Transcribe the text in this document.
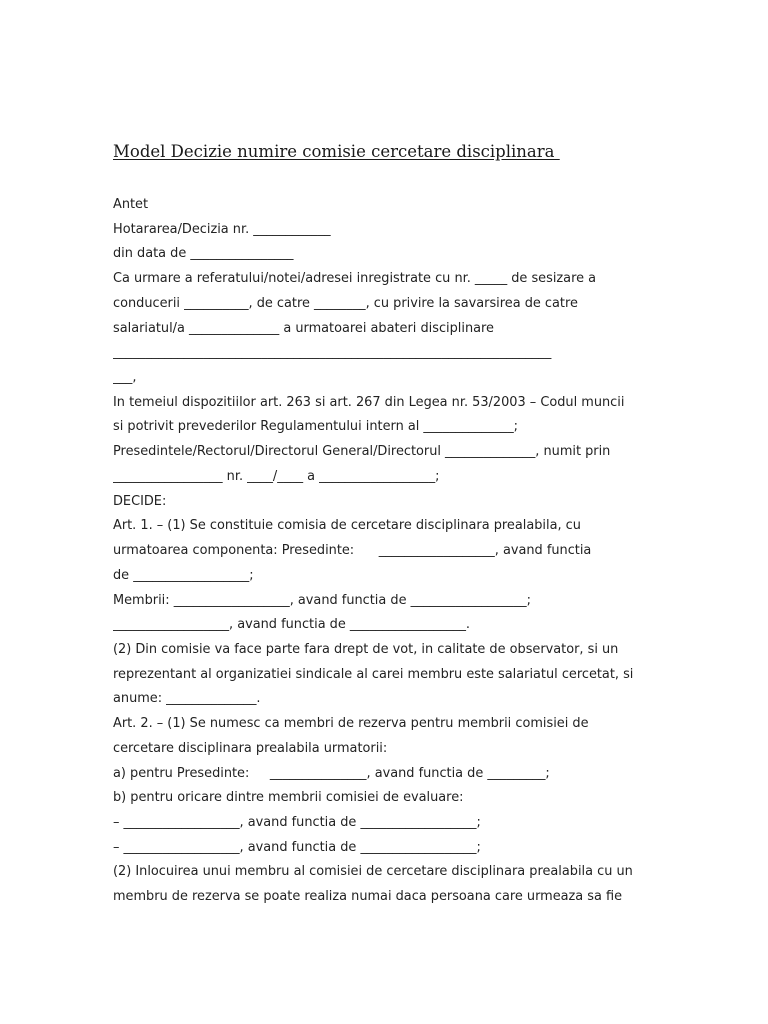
Model Decizie numire comisie cercetare disciplinara
Antet
Hotararea/Decizia nr. ____________
din data de ________________
Ca urmare a referatului/notei/adresei inregistrate cu nr. _____ de sesizare a
conducerii __________, de catre ________, cu privire la savarsirea de catre
salariatul/a ______________ a urmatoarei abateri disciplinare
____________________________________________________________________
___,
In temeiul dispozitiilor art. 263 si art. 267 din Legea nr. 53/2003 – Codul muncii
si potrivit prevederilor Regulamentului intern al ______________;
Presedintele/Rectorul/Directorul General/Directorul ______________, numit prin
_________________ nr. ____/____ a __________________;
DECIDE:
Art. 1. – (1) Se constituie comisia de cercetare disciplinara prealabila, cu
urmatoarea componenta: Presedinte:      __________________, avand functia
de __________________;
Membrii: __________________, avand functia de __________________;
__________________, avand functia de __________________.
(2) Din comisie va face parte fara drept de vot, in calitate de observator, si un
reprezentant al organizatiei sindicale al carei membru este salariatul cercetat, si
anume: ______________.
Art. 2. – (1) Se numesc ca membri de rezerva pentru membrii comisiei de
cercetare disciplinara prealabila urmatorii:
a) pentru Presedinte:     _______________, avand functia de _________;
b) pentru oricare dintre membrii comisiei de evaluare:
– __________________, avand functia de __________________;
– __________________, avand functia de __________________;
(2) Inlocuirea unui membru al comisiei de cercetare disciplinara prealabila cu un
membru de rezerva se poate realiza numai daca persoana care urmeaza sa fie
